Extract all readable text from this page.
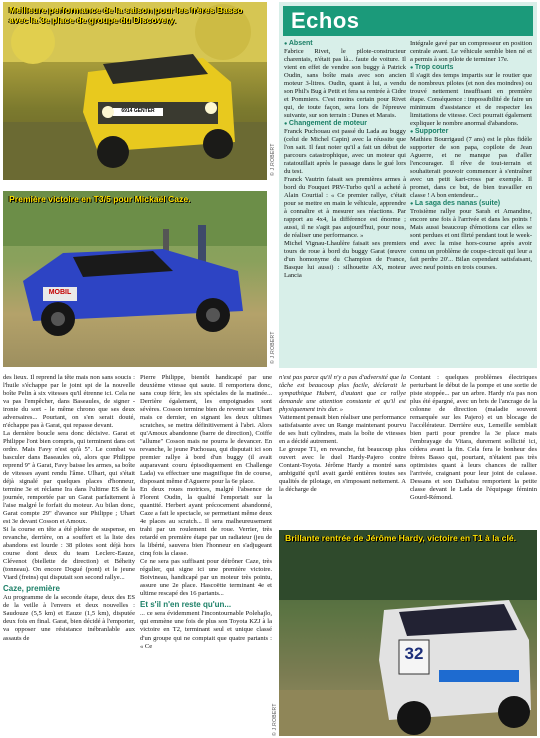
Meilleure performance de la saison pour les frères Basso avec la 3e place de groupe du Discovery.
6914 GENTER
© J.ROBERT
Première victoire en T3/5 pour Mickaël Caze.
MOBIL
© J.ROBERT
Echos
● Absent

Fabrice Rivet, le pilote-constructeur charentais, n'était pas là... faute de voiture. Il vient en effet de vendre son buggy à Patrick Oudin, sans boîte mais avec son ancien moteur 3-litres. Oudin, quant à lui, a vendu son Phil's Bug à Petit et fera sa rentrée à Cidre et Pommiers. C'est moins certain pour Rivet qui, de toute façon, sera lors de l'épreuve suivante, sur son terrain : Dunes et Marais.

● Changement de moteur

Franck Puchouau est passé du Lada au buggy (celui de Michel Capin) avec la réussite que l'on sait. Il faut noter qu'il a fait un début de parcours catastrophique, avec un moteur qui ratatouillait après le passage dans le gué lors du test.

Franck Vautrin faisait ses premières armes à bord du Fouquet PRV-Turbo qu'il a acheté à Alain Courtial : « Ce premier rallye, c'était pour se mettre en main le véhicule, apprendre à connaître et à mesurer ses réactions. Par rapport au 4x4, la différence est énorme ; aussi, il ne s'agit pas aujourd'hui, pour nous, de réaliser une performance. »

Michel Vignau-Lhaulère faisait ses premiers tours de roue à bord du buggy Garat (œuvre d'un homonyme du Champion de France, Basque lui aussi) : silhouette AX, moteur Lancia

Intégrale gavé par un compresseur en position centrale avant. Le véhicule semble bien né et a permis à son pilote de terminer 17e.

● Trop courts

Il s'agit des temps impartis sur le routier que de nombreux pilotes (et non des moindres) ou trouvé nettement insuffisant en première étape. Conséquence : impossibilité de faire un minimum d'assistance et de respecter les limitations de vitesse. Ceci pourrait également expliquer le nombre anormal d'abandons.

● Supporter

Mathieu Bourrigaud (7 ans) est le plus fidèle supporter de son papa, copilote de Jean Aguerre, et ne manque pas d'aller l'encourager. Il rêve de tout-terrain et souhaiterait pouvoir commencer à s'entraîner avec un petit kart-cross par exemple. Il promet, dans ce but, de bien travailler en classe ! A bon entendeur...

● La saga des nanas (suite)

Troisième rallye pour Sarah et Amandine, encore une fois à l'arrivée et dans les points ! Mais aussi beaucoup d'émotions car elles se sont perdues et ont flirté pendant tout le week-end avec la mise hors-course après avoir connu un problème de coupe-circuit qui leur a fait perdre 20'... Bilan cependant satisfaisant, avec neuf points en trois courses.

des lieux. Il reprend la tête mais non sans soucis : l'huile s'échappe par le joint spi de la nouvelle boîte Pelin à six vitesses qu'il étrenne ici. Cela ne va pas l'empêcher, dans Baseaules, de signer - ironie du sort - le même chrono que ses deux adversaires... Pourtant, on s'en serait douté, n'échappe pas à Garat, qui repasse devant.

La dernière boucle sera donc décisive. Garat et Philippe l'ont bien compris, qui terminent dans cet ordre. Mais Favy n'est qu'à 5". Le combat va basculer dans Baseaules où, alors que Philippe reprend 9" à Garat, Favy baisse les armes, sa boîte de vitesses ayant rendu l'âme. Ulhart, qui s'était déjà signalé par quelques places d'honneur, termine 3e et réclame Ira dans l'ultime ES de la journée, remportée par un Garat parfaitement à l'aise malgré le forfait du moteur. Au bilan donc, Garat compte 29" d'avance sur Philippe ; Uhart est 3e devant Cosson et Amoux.

Si la course en tête a été pleine de suspense, en revanche, derrière, on a souffert et la liste des abandons est lourde : 38 pilotes sont déjà hors course dont deux du team Leclerc-Eauze, Clévenot (biellette de direction) et Béheity (tonneau). On encore Dogué (pont) et le jeune Viard (freins) qui disputait son second rallye...

Caze, première

Au programme de la seconde étape, deux des ES de la veille à l'envers et deux nouvelles : Saudouze (5,5 km) et Eauze (1,5 km), disputée deux fois en final. Garat, bien décidé à l'emporter, va opposer une résistance inébranlable aux assauts de

Pierre Philippe, bientôt handicapé par une deuxième vitesse qui saute. Il remportera donc, sans coup férir, les six spéciales de la matinée... Derrière également, les empoignades sont sévères. Cosson termine bien de revenir sur Uhart mais ce dernier, en signant les deux ultimes scratches, se mettra définitivement à l'abri. Alors qu'Amoux abandonne (barre de direction), Coiffe "allume" Cosson mais ne pourra le devancer. En revanche, le jeune Puchouau, qui disputait ici son premier rallye à bord d'un buggy (il avait auparavant couru épisodiquement en Challenge Lada) va effectuer une magnifique fin de course, disposant même d'Aguerre pour la 6e place.

En deux roues motrices, malgré l'absence de Florent Oudin, la qualité l'emportait sur la quantité. Herbert ayant précocement abandonné, Caze a fait le spectacle, se permettant même deux 4e places au scratch... Il sera malheureusement trahi par un roulement de roue. Verrier, très retardé en première étape par un radiateur (jeu de la libérté, sauvera bien l'honneur en s'adjugeant cinq fois la classe.

Ce ne sera pas suffisant pour détrôner Caze, très régulier, qui signe ici une première victoire. Boivineau, handicapé par un moteur très pointu, assure une 2e place. Hascoëtte terminant 4e et ultime rescapé des 16 partants...

Et s'il n'en reste qu'un...

... ce sera évidemment l'incontournable Polehajlo, qui emmène une fois de plus son Toyota KZJ à la victoire en T2, terminant seul et unique classé d'un groupe qui ne comptait que quatre partants : « Ce

n'est pas parce qu'il n'y a pas d'adversité que la tâche est beaucoup plus facile, déclarait le sympathique Hubert, d'autant que ce rallye demande une attention constante et qu'il est physiquement très dur. »

Vattement pensait bien réaliser une performance satisfaisante avec un Range maintenant pourvu de ses huit cylindres, mais la boîte de vitesses en a décidé autrement.

Le groupe T1, en revanche, fut beaucoup plus ouvert avec le duel Hardy-Pajero contre Contant-Toyota. Jérôme Hardy a montré sans ambiguïté qu'il avait gardé entières toutes ses qualités de pilotage, en s'imposant nettement. A la décharge de

Contant : quelques problèmes électriques perturbant le début de la pompe et une sortie de piste stoppée... par un arbre. Hardy n'a pas non plus été épargné, avec un bris de l'ancrage de la colonne de direction (maladie souvent remarquée sur les Pajero) et un blocage de l'accélérateur. Derrière eux, Lemeille semblait bien parti pour prendre la 3e place mais l'embrayage du Vitara, durement sollicité ici, cédera avant la fin. Cela fera le bonheur des frères Basso qui, pourtant, n'étaient pas très optimistes quant à leurs chances de rallier l'arrivée, craignant pour leur joint de culasse. Dessans et son Daihatsu remportent la petite classe devant le Lada de l'équipage féminin Gourd-Rémond.

Brillante rentrée de Jérôme Hardy, victoire en T1 à la clé.
32
© J.ROBERT
